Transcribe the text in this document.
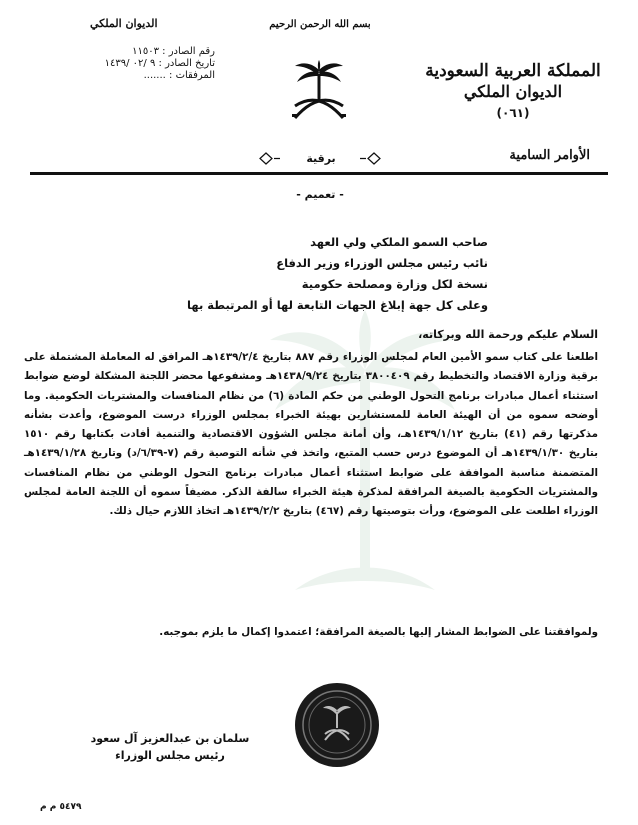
المملكة العربية السعودية
الديوان الملكي
(٠٦١)
الديوان الملكي	بسم الله الرحمن الرحيم
رقم الصادر : ١١٥٠٣
تاريخ الصادر : ٩ /٠٢ /١٤٣٩
المرفقات : .......
الأوامر السامية
برقية
- تعميم -
صاحب السمو الملكي ولي العهد
نائب رئيس مجلس الوزراء وزير الدفاع
نسخة لكل وزارة ومصلحة حكومية
وعلى كل جهة إبلاغ الجهات التابعة لها أو المرتبطة بها
السلام عليكم ورحمة الله وبركاته،
اطلعنا على كتاب سمو الأمين العام لمجلس الوزراء رقم ٨٨٧ بتاريخ ١٤٣٩/٢/٤هـ المرافق له المعاملة المشتملة على برقية وزارة الاقتصاد والتخطيط رقم ٣٨٠٠٤٠٩ بتاريخ ١٤٣٨/٩/٢٤هـ ومشفوعها محضر اللجنة المشكلة لوضع ضوابط استثناء أعمال مبادرات برنامج التحول الوطني من حكم المادة (٦) من نظام المنافسات والمشتريات الحكومية. وما أوضحه سموه من أن الهيئة العامة للمستشارين بهيئة الخبراء بمجلس الوزراء درست الموضوع، وأعدت بشأنه مذكرتها رقم (٤١) بتاريخ ١٤٣٩/١/١٢هـ، وأن أمانة مجلس الشؤون الاقتصادية والتنمية أفادت بكتابها رقم ١٥١٠ بتاريخ ١٤٣٩/١/٣٠هـ أن الموضوع درس حسب المتبع، واتخذ في شأنه التوصية رقم (٧-٦/٣٩/د) وتاريخ ١٤٣٩/١/٢٨هـ المتضمنة مناسبة الموافقة على ضوابط استثناء أعمال مبادرات برنامج التحول الوطني من نظام المنافسات والمشتريات الحكومية بالصيغة المرافقة لمذكرة هيئة الخبراء سالفة الذكر. مضيفاً سموه أن اللجنة العامة لمجلس الوزراء اطلعت على الموضوع، ورأت بتوصيتها رقم (٤٦٧) بتاريخ ١٤٣٩/٢/٢هـ اتخاذ اللازم حيال ذلك.
ولموافقتنا على الضوابط المشار إليها بالصيغة المرافقة؛ اعتمدوا إكمال ما يلزم بموجبه.
سلمان بن عبدالعزيز آل سعود
رئيس مجلس الوزراء
٥٤٧٩ م م
